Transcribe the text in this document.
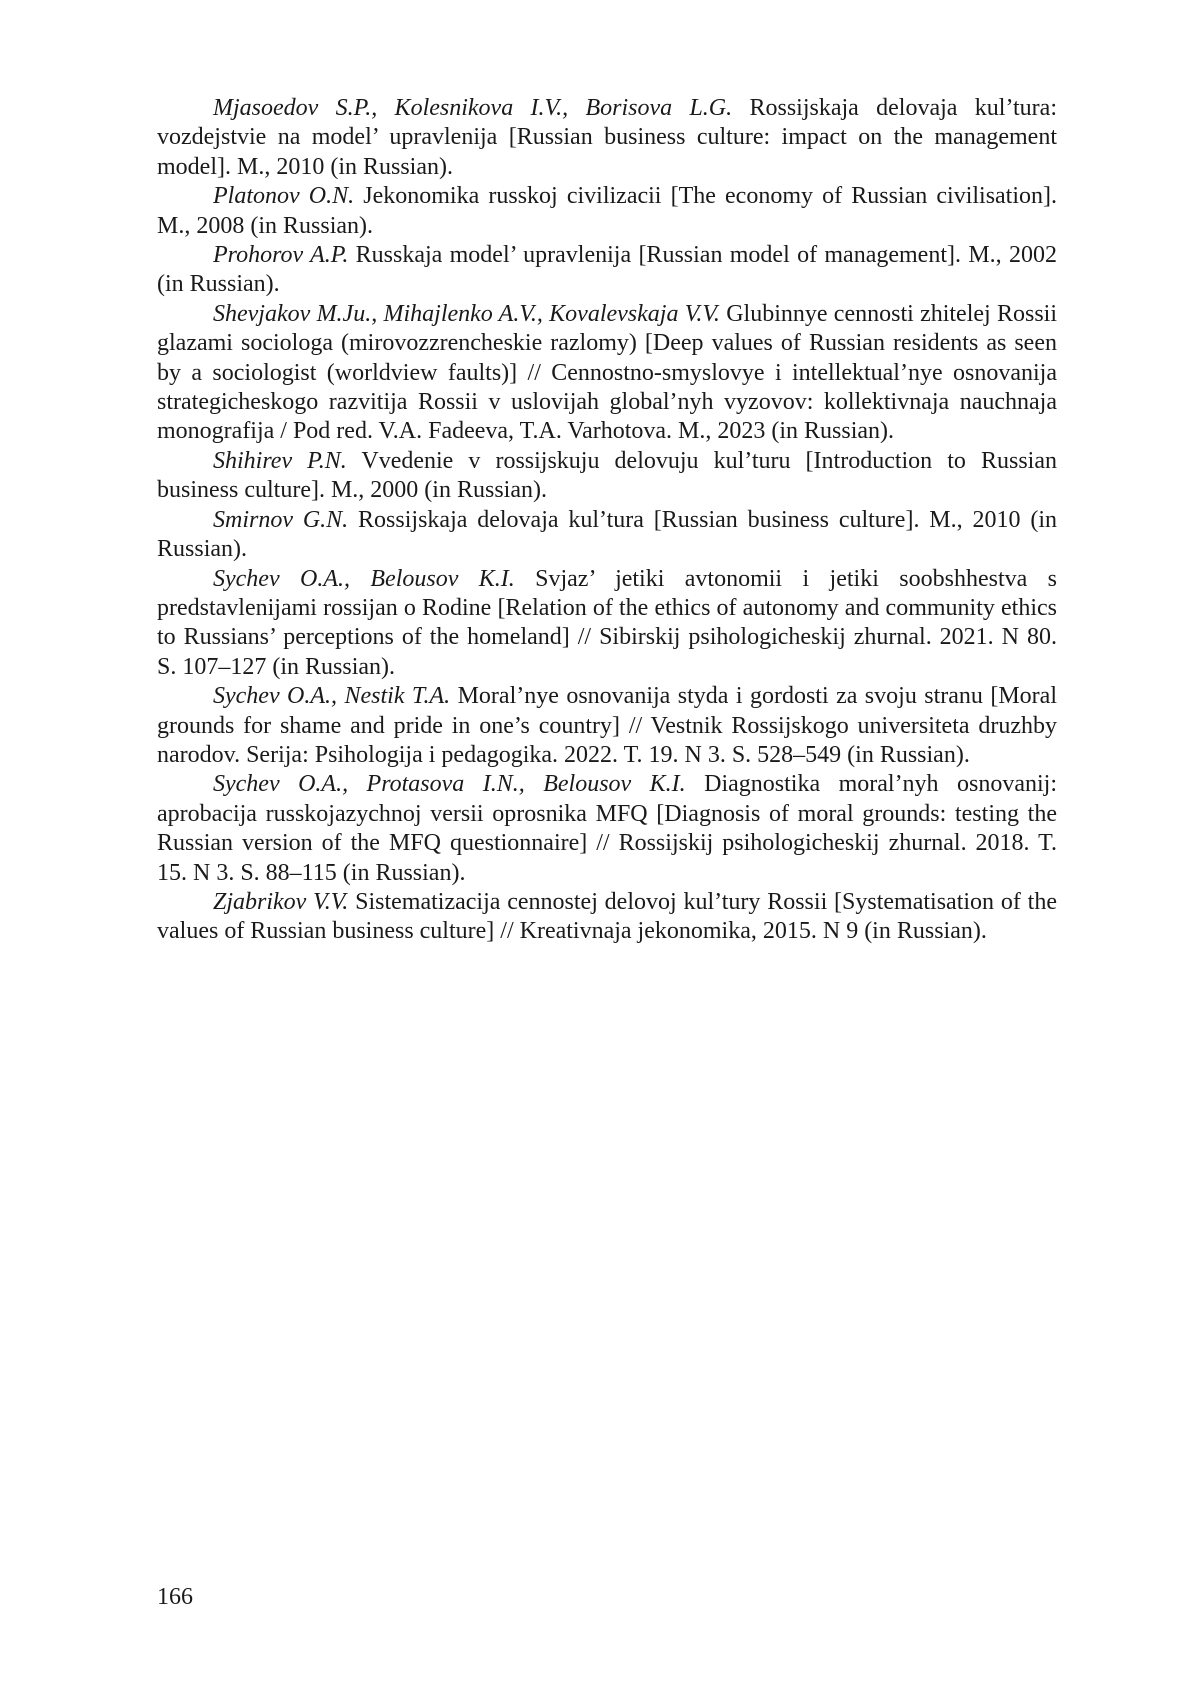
Mjasoedov S.P., Kolesnikova I.V., Borisova L.G. Rossijskaja delovaja kul’tura: vozdejstvie na model’ upravlenija [Russian business culture: impact on the management model]. M., 2010 (in Russian).

Platonov O.N. Jekonomika russkoj civilizacii [The economy of Russian civilisation]. M., 2008 (in Russian).

Prohorov A.P. Russkaja model’ upravlenija [Russian model of management]. M., 2002 (in Russian).

Shevjakov M.Ju., Mihajlenko A.V., Kovalevskaja V.V. Glubinnye cennosti zhitelej Rossii glazami sociologa (mirovozzrencheskie razlomy) [Deep values of Russian residents as seen by a sociologist (worldview faults)] // Cennostno-smyslovye i intellektual’nye osnovanija strategicheskogo razvitija Rossii v uslovijah global’nyh vyzovov: kollektivnaja nauchnaja monografija / Pod red. V.A. Fadeeva, T.A. Varhotova. M., 2023 (in Russian).

Shihirev P.N. Vvedenie v rossijskuju delovuju kul’turu [Introduction to Russian business culture]. M., 2000 (in Russian).

Smirnov G.N. Rossijskaja delovaja kul’tura [Russian business culture]. M., 2010 (in Russian).

Sychev O.A., Belousov K.I. Svjaz’ jetiki avtonomii i jetiki soobshhestva s predstavlenijami rossijan o Rodine [Relation of the ethics of autonomy and community ethics to Russians’ perceptions of the homeland] // Sibirskij psihologicheskij zhurnal. 2021. N 80. S. 107–127 (in Russian).

Sychev O.A., Nestik T.A. Moral’nye osnovanija styda i gordosti za svoju stranu [Moral grounds for shame and pride in one’s country] // Vestnik Rossijskogo universiteta druzhby narodov. Serija: Psihologija i pedagogika. 2022. T. 19. N 3. S. 528–549 (in Russian).

Sychev O.A., Protasova I.N., Belousov K.I. Diagnostika moral’nyh osnovanij: aprobacija russkojazychnoj versii oprosnika MFQ [Diagnosis of moral grounds: testing the Russian version of the MFQ questionnaire] // Rossijskij psihologicheskij zhurnal. 2018. T. 15. N 3. S. 88–115 (in Russian).

Zjabrikov V.V. Sistematizacija cennostej delovoj kul’tury Rossii [Systematisation of the values of Russian business culture] // Kreativnaja jekonomika, 2015. N 9 (in Russian).

166
